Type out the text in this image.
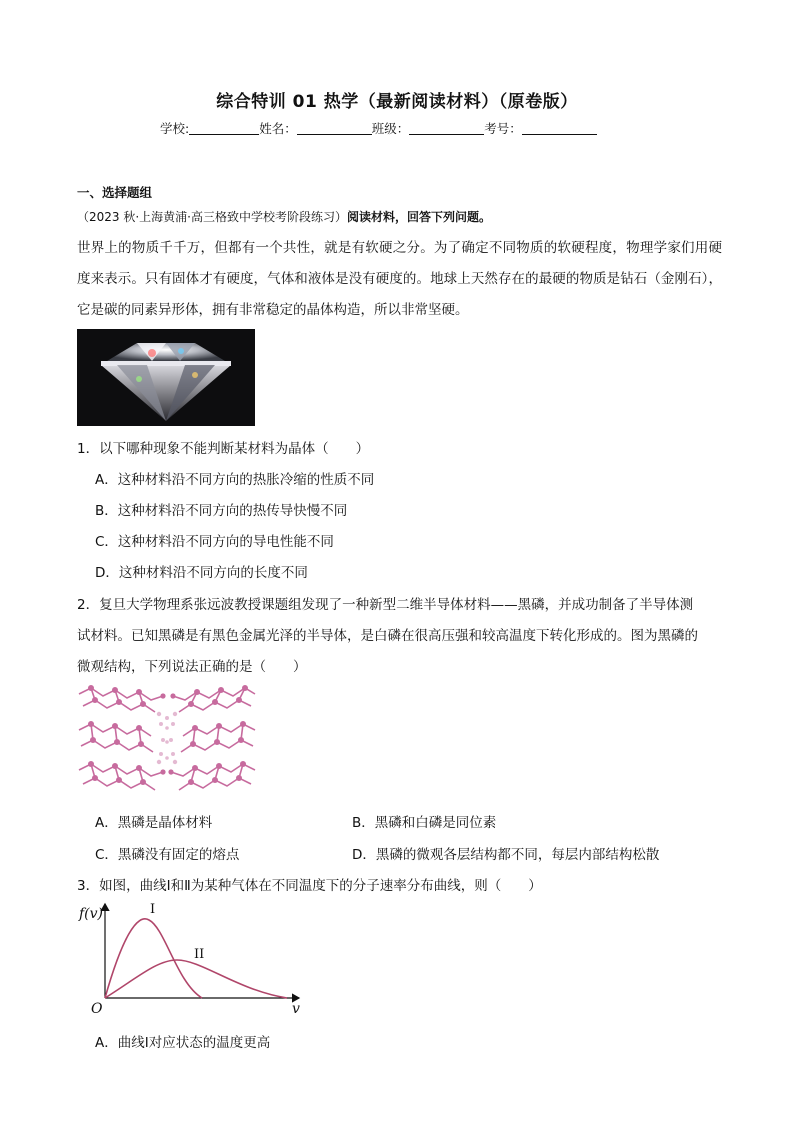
综合特训 01 热学（最新阅读材料）（原卷版）
学校:	姓名：	班级：	考号：
一、选择题组
（2023 秋·上海黄浦·高三格致中学校考阶段练习）阅读材料，回答下列问题。
世界上的物质千千万，但都有一个共性，就是有软硬之分。为了确定不同物质的软硬程度，物理学家们用硬度来表示。只有固体才有硬度，气体和液体是没有硬度的。地球上天然存在的最硬的物质是钻石（金刚石），它是碳的同素异形体，拥有非常稳定的晶体构造，所以非常坚硬。
1．以下哪种现象不能判断某材料为晶体（　　）
A．这种材料沿不同方向的热胀冷缩的性质不同
B．这种材料沿不同方向的热传导快慢不同
C．这种材料沿不同方向的导电性能不同
D．这种材料沿不同方向的长度不同
2．复旦大学物理系张远波教授课题组发现了一种新型二维半导体材料——黑磷，并成功制备了半导体测
试材料。已知黑磷是有黑色金属光泽的半导体，是白磷在很高压强和较高温度下转化形成的。图为黑磷的
微观结构，下列说法正确的是（　　）
A．黑磷是晶体材料	B．黑磷和白磷是同位素
C．黑磷没有固定的熔点	D．黑磷的微观各层结构都不同，每层内部结构松散
3．如图，曲线Ⅰ和Ⅱ为某种气体在不同温度下的分子速率分布曲线，则（　　）
f(v)
v
O
I
II
A．曲线Ⅰ对应状态的温度更高
